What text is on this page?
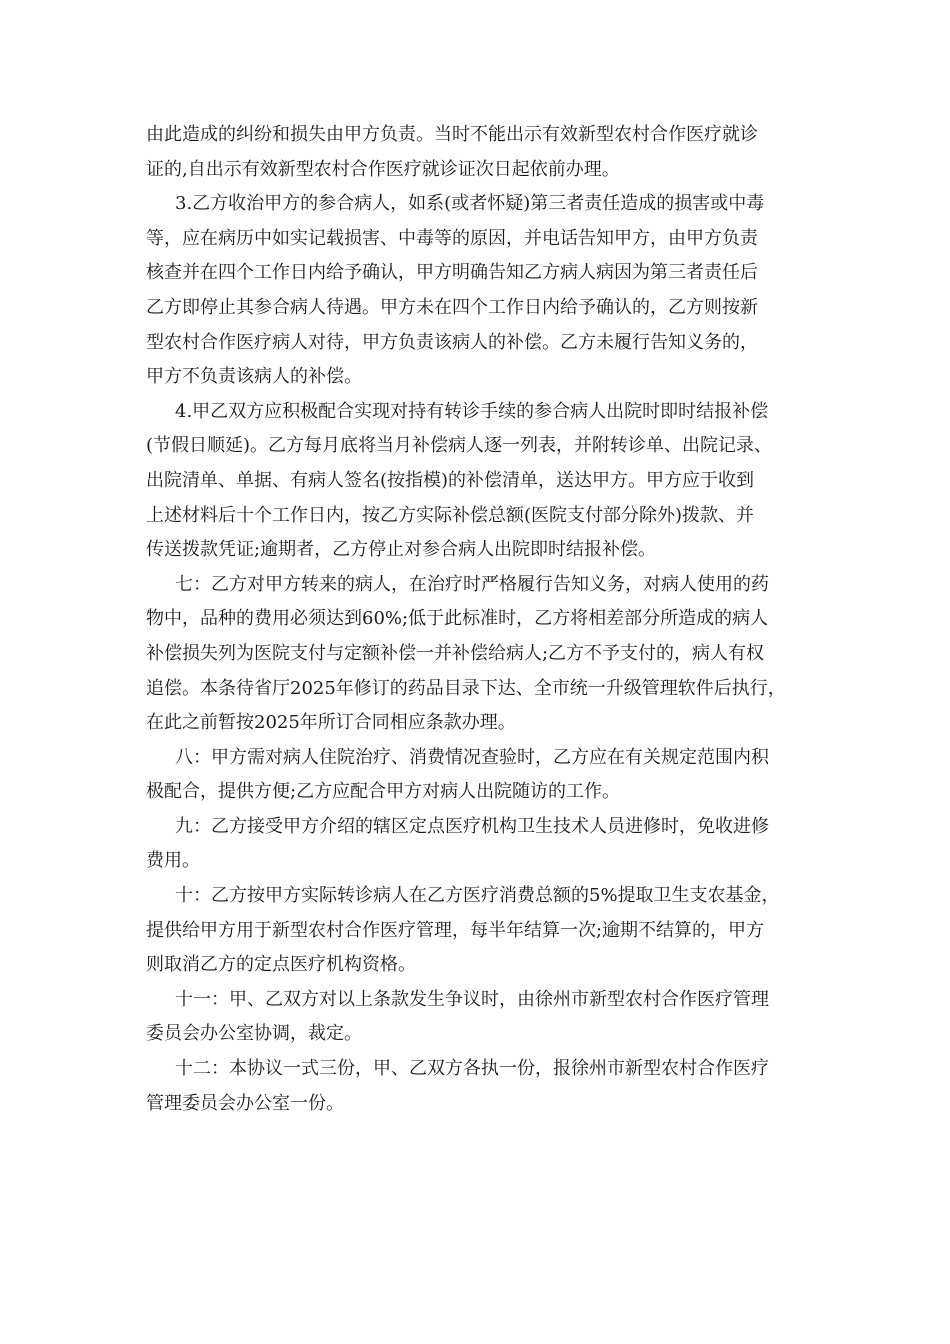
由此造成的纠纷和损失由甲方负责。当时不能出示有效新型农村合作医疗就诊

证的,自出示有效新型农村合作医疗就诊证次日起依前办理。

3.乙方收治甲方的参合病人，如系(或者怀疑)第三者责任造成的损害或中毒

等，应在病历中如实记载损害、中毒等的原因，并电话告知甲方，由甲方负责

核查并在四个工作日内给予确认，甲方明确告知乙方病人病因为第三者责任后

乙方即停止其参合病人待遇。甲方未在四个工作日内给予确认的，乙方则按新

型农村合作医疗病人对待，甲方负责该病人的补偿。乙方未履行告知义务的，

甲方不负责该病人的补偿。

4.甲乙双方应积极配合实现对持有转诊手续的参合病人出院时即时结报补偿

(节假日顺延)。乙方每月底将当月补偿病人逐一列表，并附转诊单、出院记录、

出院清单、单据、有病人签名(按指模)的补偿清单，送达甲方。甲方应于收到

上述材料后十个工作日内，按乙方实际补偿总额(医院支付部分除外)拨款、并

传送拨款凭证;逾期者，乙方停止对参合病人出院即时结报补偿。

七：乙方对甲方转来的病人，在治疗时严格履行告知义务，对病人使用的药

物中，品种的费用必须达到60%;低于此标准时，乙方将相差部分所造成的病人

补偿损失列为医院支付与定额补偿一并补偿给病人;乙方不予支付的，病人有权

追偿。本条待省厅2025年修订的药品目录下达、全市统一升级管理软件后执行，

在此之前暂按2025年所订合同相应条款办理。

八：甲方需对病人住院治疗、消费情况查验时，乙方应在有关规定范围内积

极配合，提供方便;乙方应配合甲方对病人出院随访的工作。

九：乙方接受甲方介绍的辖区定点医疗机构卫生技术人员进修时，免收进修

费用。

十：乙方按甲方实际转诊病人在乙方医疗消费总额的5%提取卫生支农基金，

提供给甲方用于新型农村合作医疗管理，每半年结算一次;逾期不结算的，甲方

则取消乙方的定点医疗机构资格。

十一：甲、乙双方对以上条款发生争议时，由徐州市新型农村合作医疗管理

委员会办公室协调，裁定。

十二：本协议一式三份，甲、乙双方各执一份，报徐州市新型农村合作医疗

管理委员会办公室一份。
